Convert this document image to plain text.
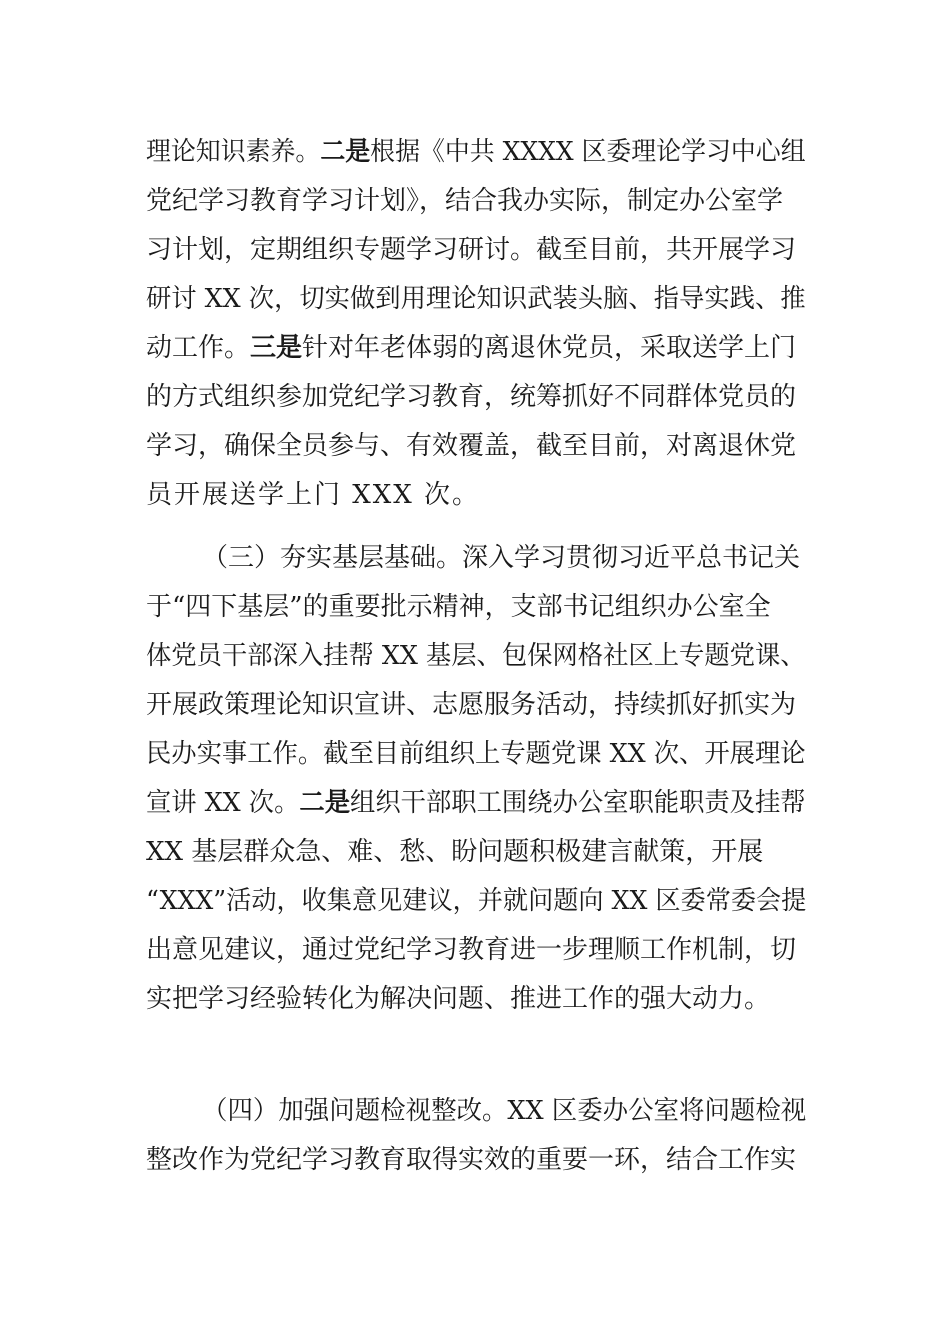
理论知识素养。二是根据《中共 XXXX 区委理论学习中心组
党纪学习教育学习计划》，结合我办实际，制定办公室学
习计划，定期组织专题学习研讨。截至目前，共开展学习
研讨 XX 次，切实做到用理论知识武装头脑、指导实践、推
动工作。三是针对年老体弱的离退休党员，采取送学上门
的方式组织参加党纪学习教育，统筹抓好不同群体党员的
学习，确保全员参与、有效覆盖，截至目前，对离退休党
员开展送学上门 XXX 次。
（三）夯实基层基础。深入学习贯彻习近平总书记关
于“四下基层”的重要批示精神，支部书记组织办公室全
体党员干部深入挂帮 XX 基层、包保网格社区上专题党课、
开展政策理论知识宣讲、志愿服务活动，持续抓好抓实为
民办实事工作。截至目前组织上专题党课 XX 次、开展理论
宣讲 XX 次。二是组织干部职工围绕办公室职能职责及挂帮
XX 基层群众急、难、愁、盼问题积极建言献策，开展
“XXX”活动，收集意见建议，并就问题向 XX 区委常委会提
出意见建议，通过党纪学习教育进一步理顺工作机制，切
实把学习经验转化为解决问题、推进工作的强大动力。
（四）加强问题检视整改。XX 区委办公室将问题检视
整改作为党纪学习教育取得实效的重要一环，结合工作实
